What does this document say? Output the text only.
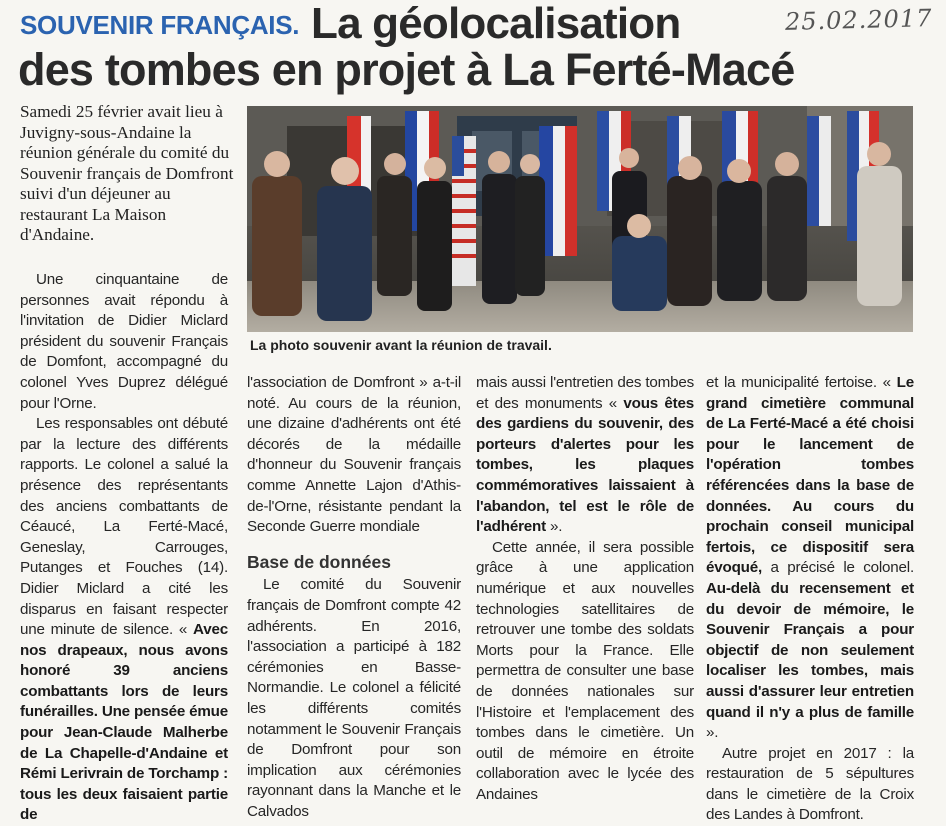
SOUVENIR FRANÇAIS. La géolocalisation
des tombes en projet à La Ferté-Macé
25.02.2017
Samedi 25 février avait lieu à Juvigny-sous-Andaine la réunion générale du comité du Souvenir français de Domfront suivi d'un déjeuner au restaurant La Maison d'Andaine.
La photo souvenir avant la réunion de travail.

Une cinquantaine de personnes avait répondu à l'invitation de Didier Miclard président du souvenir Français de Domfont, accompagné du colonel Yves Duprez délégué pour l'Orne.

Les responsables ont débuté par la lecture des différents rapports. Le colonel a salué la présence des représentants des anciens combattants de Céaucé, La Ferté-Macé, Geneslay, Carrouges, Putanges et Fouches (14). Didier Miclard a cité les disparus en faisant respecter une minute de silence. « Avec nos drapeaux, nous avons honoré 39 anciens combattants lors de leurs funérailles. Une pensée émue pour Jean-Claude Malherbe de La Chapelle-d'Andaine et Rémi Lerivrain de Torchamp : tous les deux faisaient partie de

l'association de Domfront » a-t-il noté. Au cours de la réunion, une dizaine d'adhérents ont été décorés de la médaille d'honneur du Souvenir français comme Annette Lajon d'Athis-de-l'Orne, résistante pendant la Seconde Guerre mondiale

Base de données

Le comité du Souvenir français de Domfront compte 42 adhérents. En 2016, l'association a participé à 182 cérémonies en Basse-Normandie. Le colonel a félicité les différents comités notamment le Souvenir Français de Domfront pour son implication aux cérémonies rayonnant dans la Manche et le Calvados

mais aussi l'entretien des tombes et des monuments « vous êtes des gardiens du souvenir, des porteurs d'alertes pour les tombes, les plaques commémoratives laissaient à l'abandon, tel est le rôle de l'adhérent ».

Cette année, il sera possible grâce à une application numérique et aux nouvelles technologies satellitaires de retrouver une tombe des soldats Morts pour la France. Elle permettra de consulter une base de données nationales sur l'Histoire et l'emplacement des tombes dans le cimetière. Un outil de mémoire en étroite collaboration avec le lycée des Andaines

et la municipalité fertoise. « Le grand cimetière communal de La Ferté-Macé a été choisi pour le lancement de l'opération tombes référencées dans la base de données. Au cours du prochain conseil municipal fertois, ce dispositif sera évoqué, a précisé le colonel. Au-delà du recensement et du devoir de mémoire, le Souvenir Français a pour objectif de non seulement localiser les tombes, mais aussi d'assurer leur entretien quand il n'y a plus de famille ».

Autre projet en 2017 : la restauration de 5 sépultures dans le cimetière de la Croix des Landes à Domfront.
